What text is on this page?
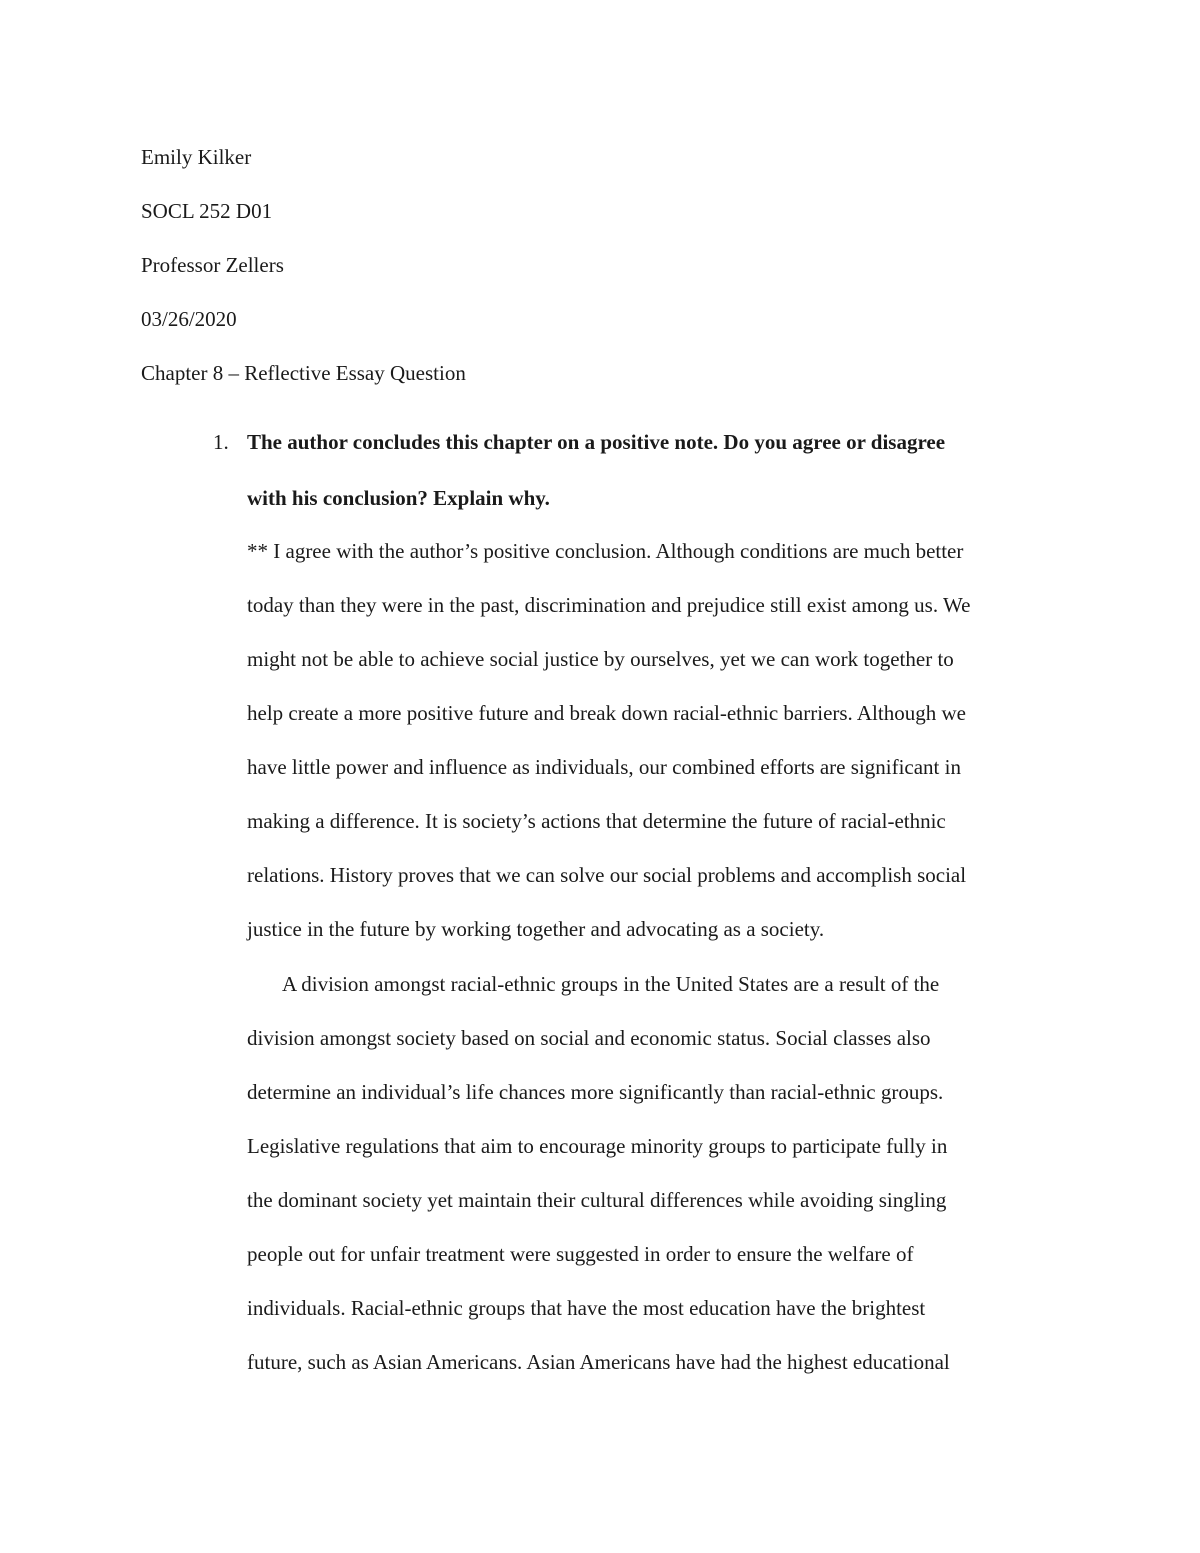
Emily Kilker
SOCL 252 D01
Professor Zellers
03/26/2020
Chapter 8 – Reflective Essay Question
1. The author concludes this chapter on a positive note. Do you agree or disagree
with his conclusion? Explain why.
** I agree with the author’s positive conclusion. Although conditions are much better
today than they were in the past, discrimination and prejudice still exist among us. We
might not be able to achieve social justice by ourselves, yet we can work together to
help create a more positive future and break down racial-ethnic barriers. Although we
have little power and influence as individuals, our combined efforts are significant in
making a difference. It is society’s actions that determine the future of racial-ethnic
relations. History proves that we can solve our social problems and accomplish social
justice in the future by working together and advocating as a society.
A division amongst racial-ethnic groups in the United States are a result of the
division amongst society based on social and economic status. Social classes also
determine an individual’s life chances more significantly than racial-ethnic groups.
Legislative regulations that aim to encourage minority groups to participate fully in
the dominant society yet maintain their cultural differences while avoiding singling
people out for unfair treatment were suggested in order to ensure the welfare of
individuals. Racial-ethnic groups that have the most education have the brightest
future, such as Asian Americans. Asian Americans have had the highest educational
